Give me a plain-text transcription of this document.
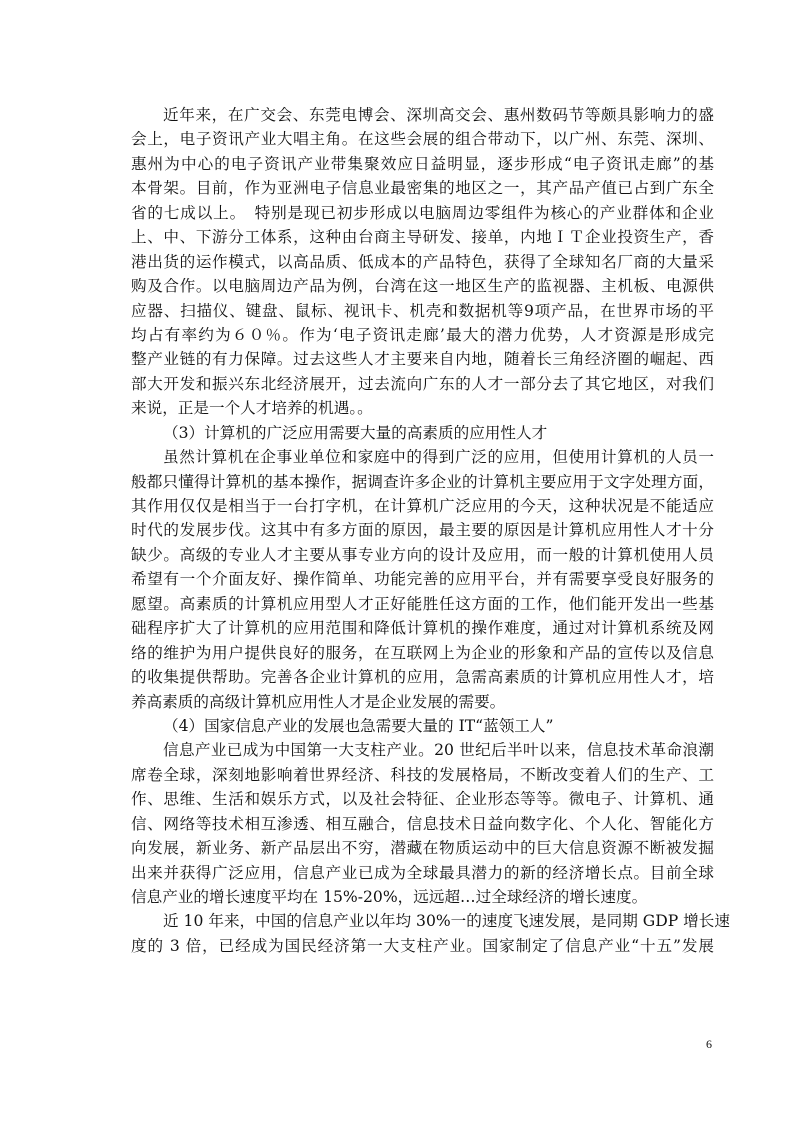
近年来，在广交会、东莞电博会、深圳高交会、惠州数码节等颇具影响力的盛
会上，电子资讯产业大唱主角。在这些会展的组合带动下，以广州、东莞、深圳、
惠州为中心的电子资讯产业带集聚效应日益明显，逐步形成“电子资讯走廊”的基
本骨架。目前，作为亚洲电子信息业最密集的地区之一，其产品产值已占到广东全
省的七成以上。　特别是现已初步形成以电脑周边零组件为核心的产业群体和企业
上、中、下游分工体系，这种由台商主导研发、接单，内地ＩＴ企业投资生产，香
港出货的运作模式，以高品质、低成本的产品特色，获得了全球知名厂商的大量采
购及合作。以电脑周边产品为例，台湾在这一地区生产的监视器、主机板、电源供
应器、扫描仪、键盘、鼠标、视讯卡、机壳和数据机等9项产品，在世界市场的平
均占有率约为６０％。作为‘电子资讯走廊’最大的潜力优势，人才资源是形成完
整产业链的有力保障。过去这些人才主要来自内地，随着长三角经济圈的崛起、西
部大开发和振兴东北经济展开，过去流向广东的人才一部分去了其它地区，对我们
来说，正是一个人才培养的机遇。。
（3）计算机的广泛应用需要大量的高素质的应用性人才
虽然计算机在企事业单位和家庭中的得到广泛的应用，但使用计算机的人员一
般都只懂得计算机的基本操作，据调查许多企业的计算机主要应用于文字处理方面，
其作用仅仅是相当于一台打字机，在计算机广泛应用的今天，这种状况是不能适应
时代的发展步伐。这其中有多方面的原因，最主要的原因是计算机应用性人才十分
缺少。高级的专业人才主要从事专业方向的设计及应用，而一般的计算机使用人员
希望有一个介面友好、操作简单、功能完善的应用平台，并有需要享受良好服务的
愿望。高素质的计算机应用型人才正好能胜任这方面的工作，他们能开发出一些基
础程序扩大了计算机的应用范围和降低计算机的操作难度，通过对计算机系统及网
络的维护为用户提供良好的服务，在互联网上为企业的形象和产品的宣传以及信息
的收集提供帮助。完善各企业计算机的应用，急需高素质的计算机应用性人才，培
养高素质的高级计算机应用性人才是企业发展的需要。
（4）国家信息产业的发展也急需要大量的 IT“蓝领工人”
信息产业已成为中国第一大支柱产业。20 世纪后半叶以来，信息技术革命浪潮
席卷全球，深刻地影响着世界经济、科技的发展格局，不断改变着人们的生产、工
作、思维、生活和娱乐方式，以及社会特征、企业形态等等。微电子、计算机、通
信、网络等技术相互渗透、相互融合，信息技术日益向数字化、个人化、智能化方
向发展，新业务、新产品层出不穷，潜藏在物质运动中的巨大信息资源不断被发掘
出来并获得广泛应用，信息产业已成为全球最具潜力的新的经济增长点。目前全球
信息产业的增长速度平均在 15%-20%，远远超…过全球经济的增长速度。
近 10 年来，中国的信息产业以年均 30%一的速度飞速发展，是同期 GDP 增长速
度的 3 倍，已经成为国民经济第一大支柱产业。国家制定了信息产业“十五”发展
6
